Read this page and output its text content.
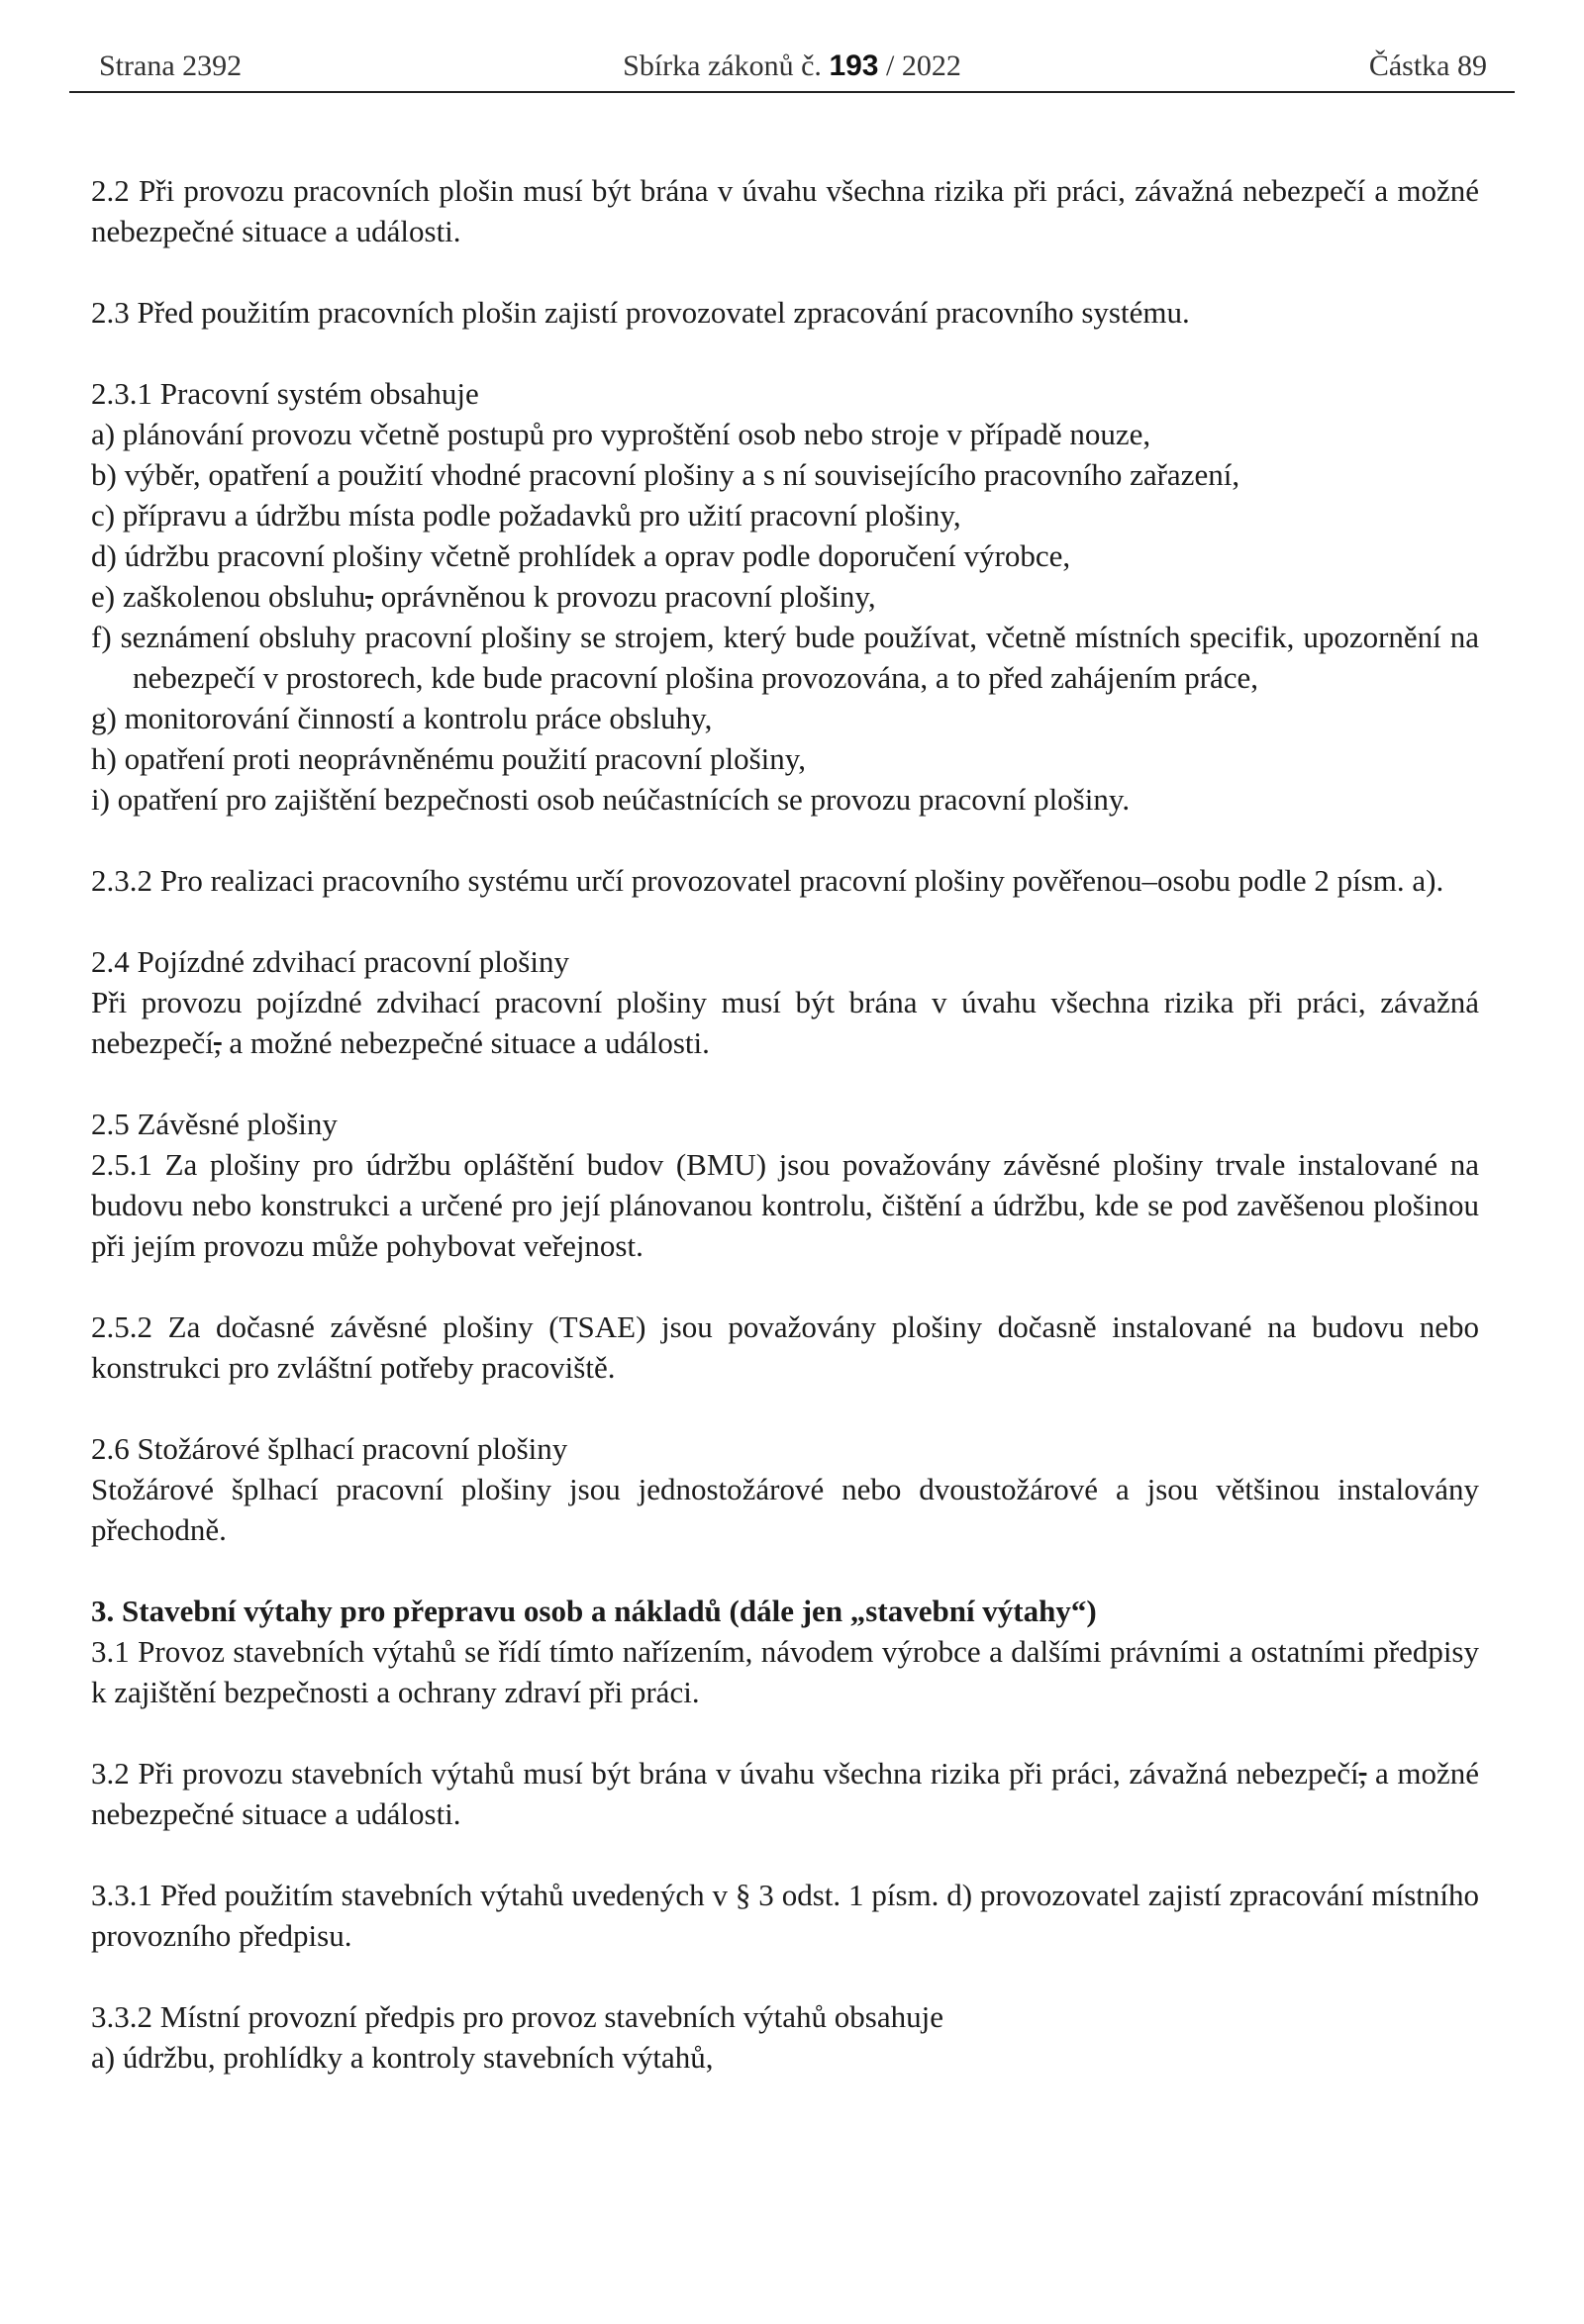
Strana 2392	Sbírka zákonů č. 193 / 2022	Částka 89

2.2 Při provozu pracovních plošin musí být brána v úvahu všechna rizika při práci, závažná nebezpečí a možné nebezpečné situace a události.

2.3 Před použitím pracovních plošin zajistí provozovatel zpracování pracovního systému.

2.3.1 Pracovní systém obsahuje

a) plánování provozu včetně postupů pro vyproštění osob nebo stroje v případě nouze,

b) výběr, opatření a použití vhodné pracovní plošiny a s ní souvisejícího pracovního zařazení,

c) přípravu a údržbu místa podle požadavků pro užití pracovní plošiny,

d) údržbu pracovní plošiny včetně prohlídek a oprav podle doporučení výrobce,

e) zaškolenou obsluhu, oprávněnou k provozu pracovní plošiny,

f) seznámení obsluhy pracovní plošiny se strojem, který bude používat, včetně místních specifik, upozornění na nebezpečí v prostorech, kde bude pracovní plošina provozována, a to před zahájením práce,

g) monitorování činností a kontrolu práce obsluhy,

h) opatření proti neoprávněnému použití pracovní plošiny,

i) opatření pro zajištění bezpečnosti osob neúčastnících se provozu pracovní plošiny.

2.3.2 Pro realizaci pracovního systému určí provozovatel pracovní plošiny pověřenou–osobu podle 2 písm. a).

2.4 Pojízdné zdvihací pracovní plošiny

Při provozu pojízdné zdvihací pracovní plošiny musí být brána v úvahu všechna rizika při práci, závažná nebezpečí, a možné nebezpečné situace a události.

2.5 Závěsné plošiny

2.5.1 Za plošiny pro údržbu opláštění budov (BMU) jsou považovány závěsné plošiny trvale instalované na budovu nebo konstrukci a určené pro její plánovanou kontrolu, čištění a údržbu, kde se pod zavěšenou plošinou při jejím provozu může pohybovat veřejnost.

2.5.2 Za dočasné závěsné plošiny (TSAE) jsou považovány plošiny dočasně instalované na budovu nebo konstrukci pro zvláštní potřeby pracoviště.

2.6 Stožárové šplhací pracovní plošiny

Stožárové šplhací pracovní plošiny jsou jednostožárové nebo dvoustožárové a jsou většinou instalovány přechodně.

3. Stavební výtahy pro přepravu osob a nákladů (dále jen „stavební výtahy“)

3.1 Provoz stavebních výtahů se řídí tímto nařízením, návodem výrobce a dalšími právními a ostatními předpisy k zajištění bezpečnosti a ochrany zdraví při práci.

3.2 Při provozu stavebních výtahů musí být brána v úvahu všechna rizika při práci, závažná nebezpečí, a možné nebezpečné situace a události.

3.3.1 Před použitím stavebních výtahů uvedených v § 3 odst. 1 písm. d) provozovatel zajistí zpracování místního provozního předpisu.

3.3.2 Místní provozní předpis pro provoz stavebních výtahů obsahuje

a) údržbu, prohlídky a kontroly stavebních výtahů,
